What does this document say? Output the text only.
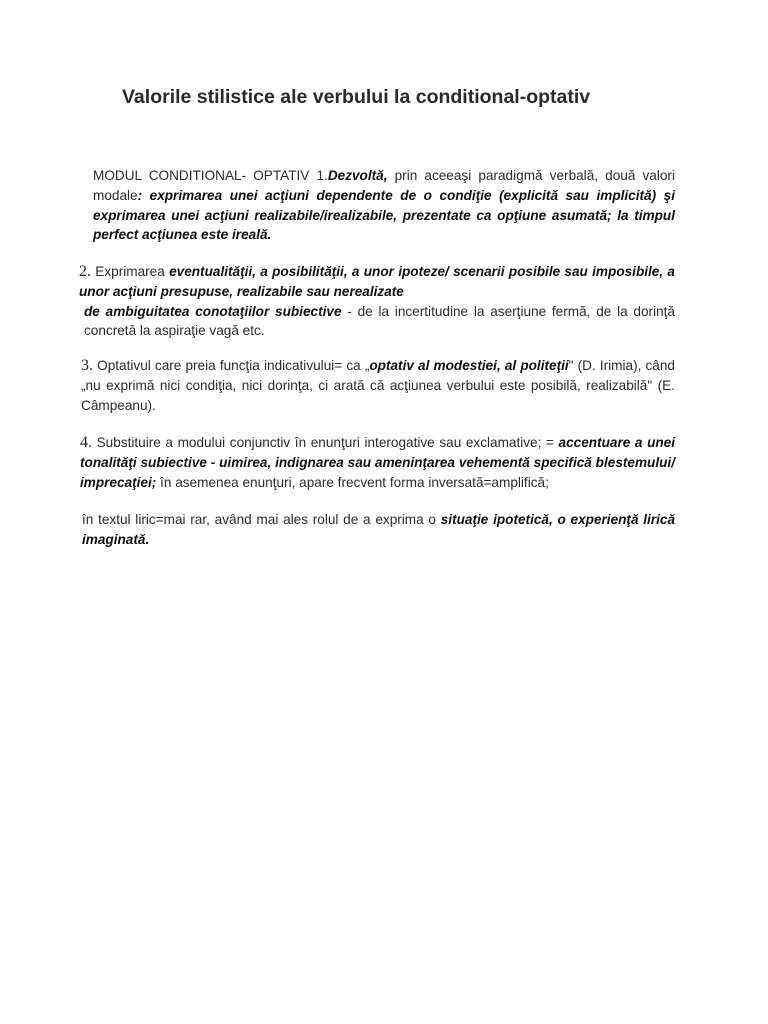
Valorile stilistice ale verbului la conditional-optativ

MODUL CONDITIONAL- OPTATIV 1.Dezvoltă, prin aceeaşi paradigmă verbală, două valori modale: exprimarea unei acţiuni dependente de o condiţie (explicită sau implicită) şi exprimarea unei acţiuni realizabile/irealizabile, prezentate ca opţiune asumată; la timpul perfect acţiunea este ireală.

2. Exprimarea eventualităţii, a posibilităţii, a unor ipoteze/ scenarii posibile sau imposibile, a unor acţiuni presupuse, realizabile sau nerealizate
de ambiguitatea conotaţiilor subiective - de la incertitudine la aserţiune fermă, de la dorinţă concretă la aspiraţie vagă etc.

3. Optativul care preia funcţia indicativului= ca „optativ al modestiei, al politeţii" (D. Irimia), când „nu exprimă nici condiţia, nici dorinţa, ci arată că acţiunea verbului este posibilă, realizabilă" (E. Câmpeanu).

4. Substituire a modului conjunctiv în enunţuri interogative sau exclamative; = accentuare a unei tonalităţi subiective - uimirea, indignarea sau ameninţarea vehementă specifică blestemului/ imprecaţiei; în asemenea enunţuri, apare frecvent forma inversată=amplifică;

în textul liric=mai rar, având mai ales rolul de a exprima o situaţie ipotetică, o experienţă lirică imaginată.
